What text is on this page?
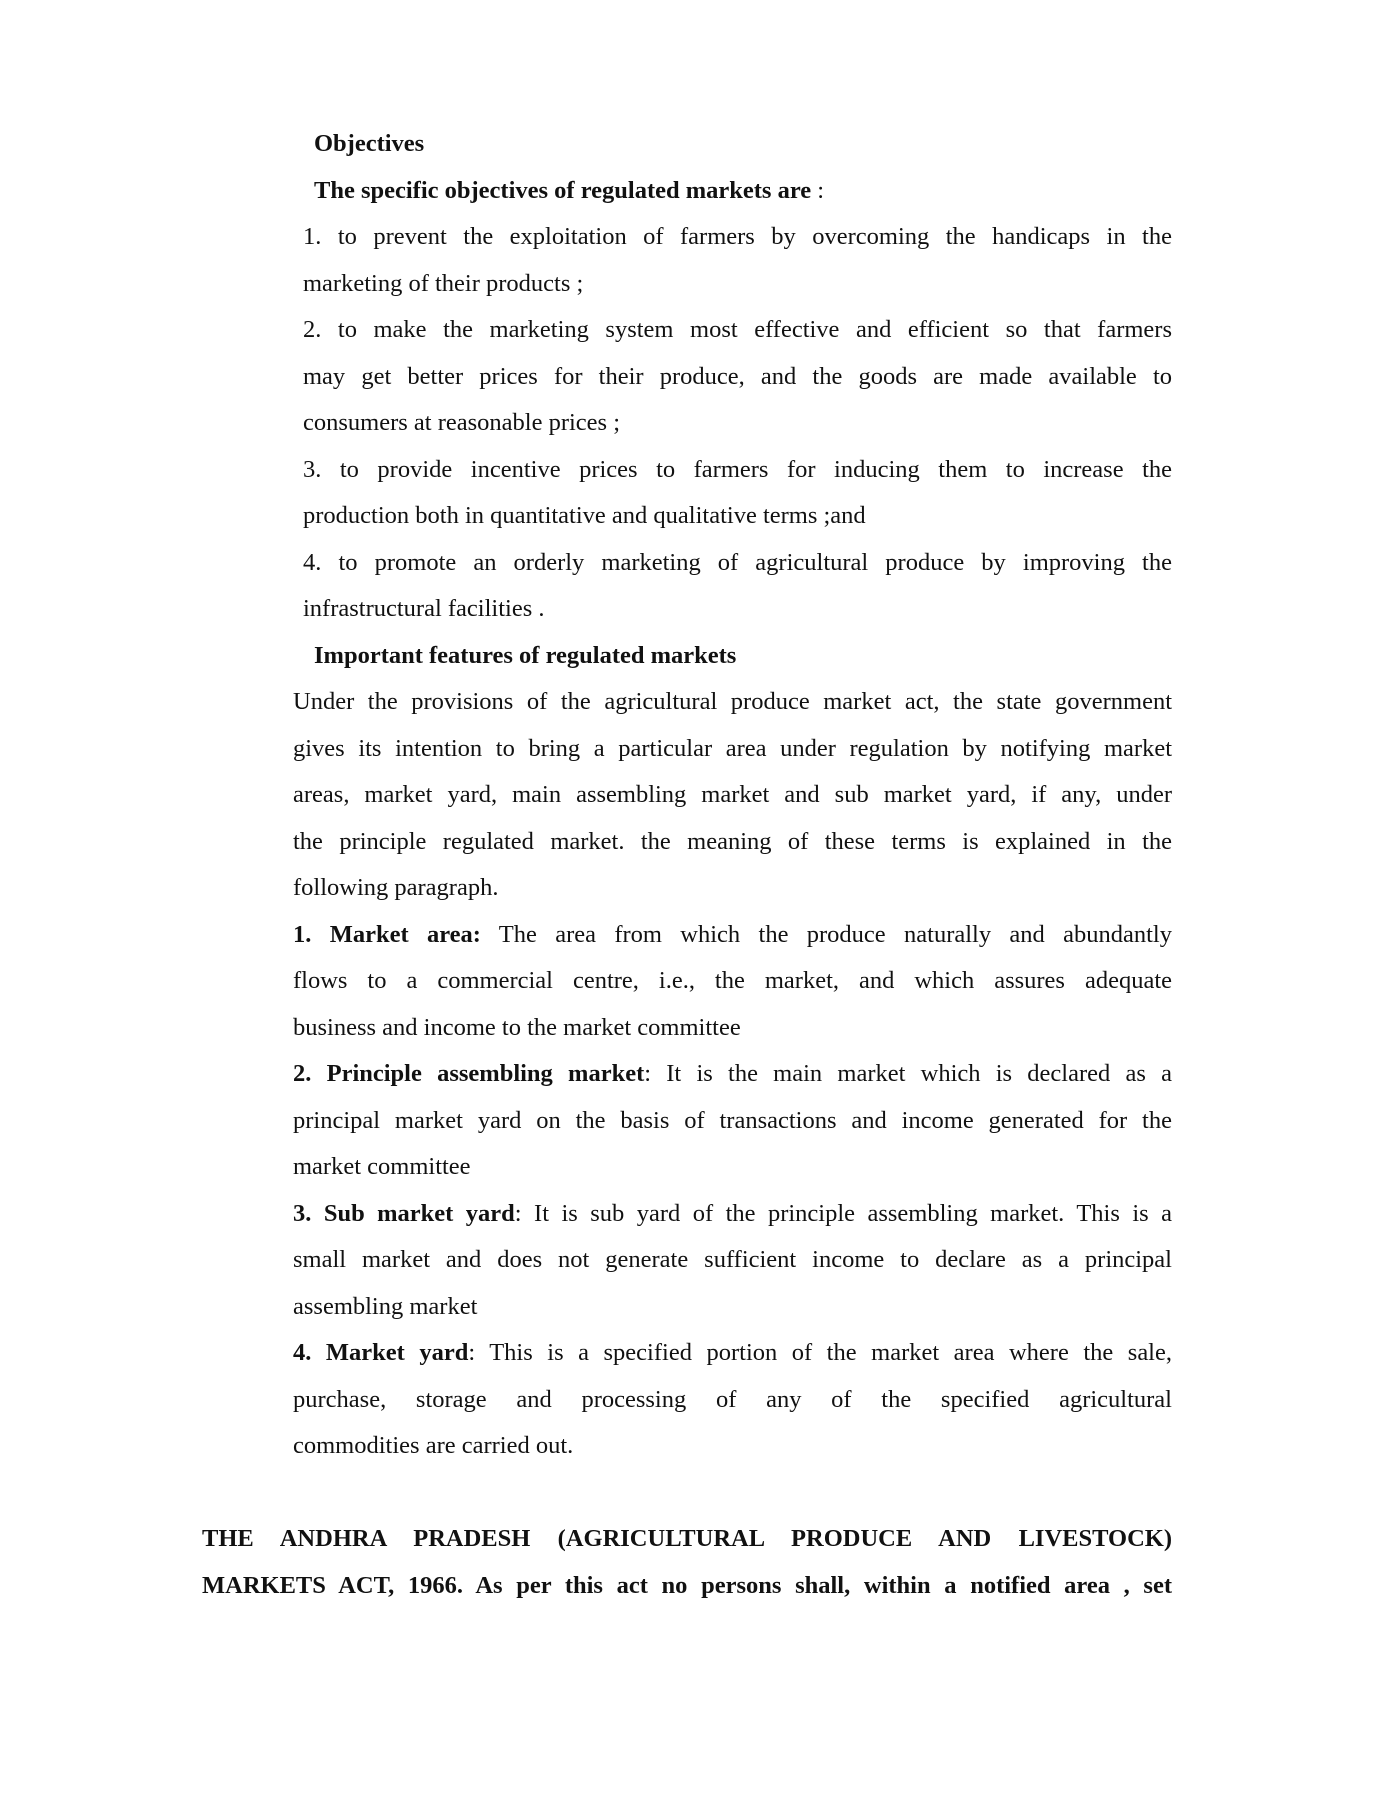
Objectives
The specific objectives of regulated markets are :
1. to prevent the exploitation of farmers by overcoming the handicaps in the
marketing of their products ;
2. to make the marketing system most effective and efficient so that farmers
may get better prices for their produce, and the goods are made available to
consumers at reasonable prices ;
3. to provide incentive prices to farmers for inducing them to increase the
production both in quantitative and qualitative terms ;and
4. to promote an orderly marketing of agricultural produce by improving the
infrastructural facilities .
Important features of regulated markets
Under the provisions of the agricultural produce market act, the state government
gives its intention to bring a particular area under regulation by notifying market
areas, market yard, main assembling market and sub market yard, if any, under
the principle regulated market. the meaning of these terms is explained in the
following paragraph.
1. Market area: The area from which the produce naturally and abundantly
flows to a commercial centre, i.e., the market, and which assures adequate
business and income to the market committee
2. Principle assembling market: It is the main market which is declared as a
principal market yard on the basis of transactions and income generated for the
market committee
3. Sub market yard: It is sub yard of the principle assembling market. This is a
small market and does not generate sufficient income to declare as a principal
assembling market
4. Market yard: This is a specified portion of the market area where the sale,
purchase, storage and processing of any of the specified agricultural
commodities are carried out.
THE ANDHRA PRADESH (AGRICULTURAL PRODUCE AND LIVESTOCK)
MARKETS ACT, 1966. As per this act no persons shall, within a notified area , set
